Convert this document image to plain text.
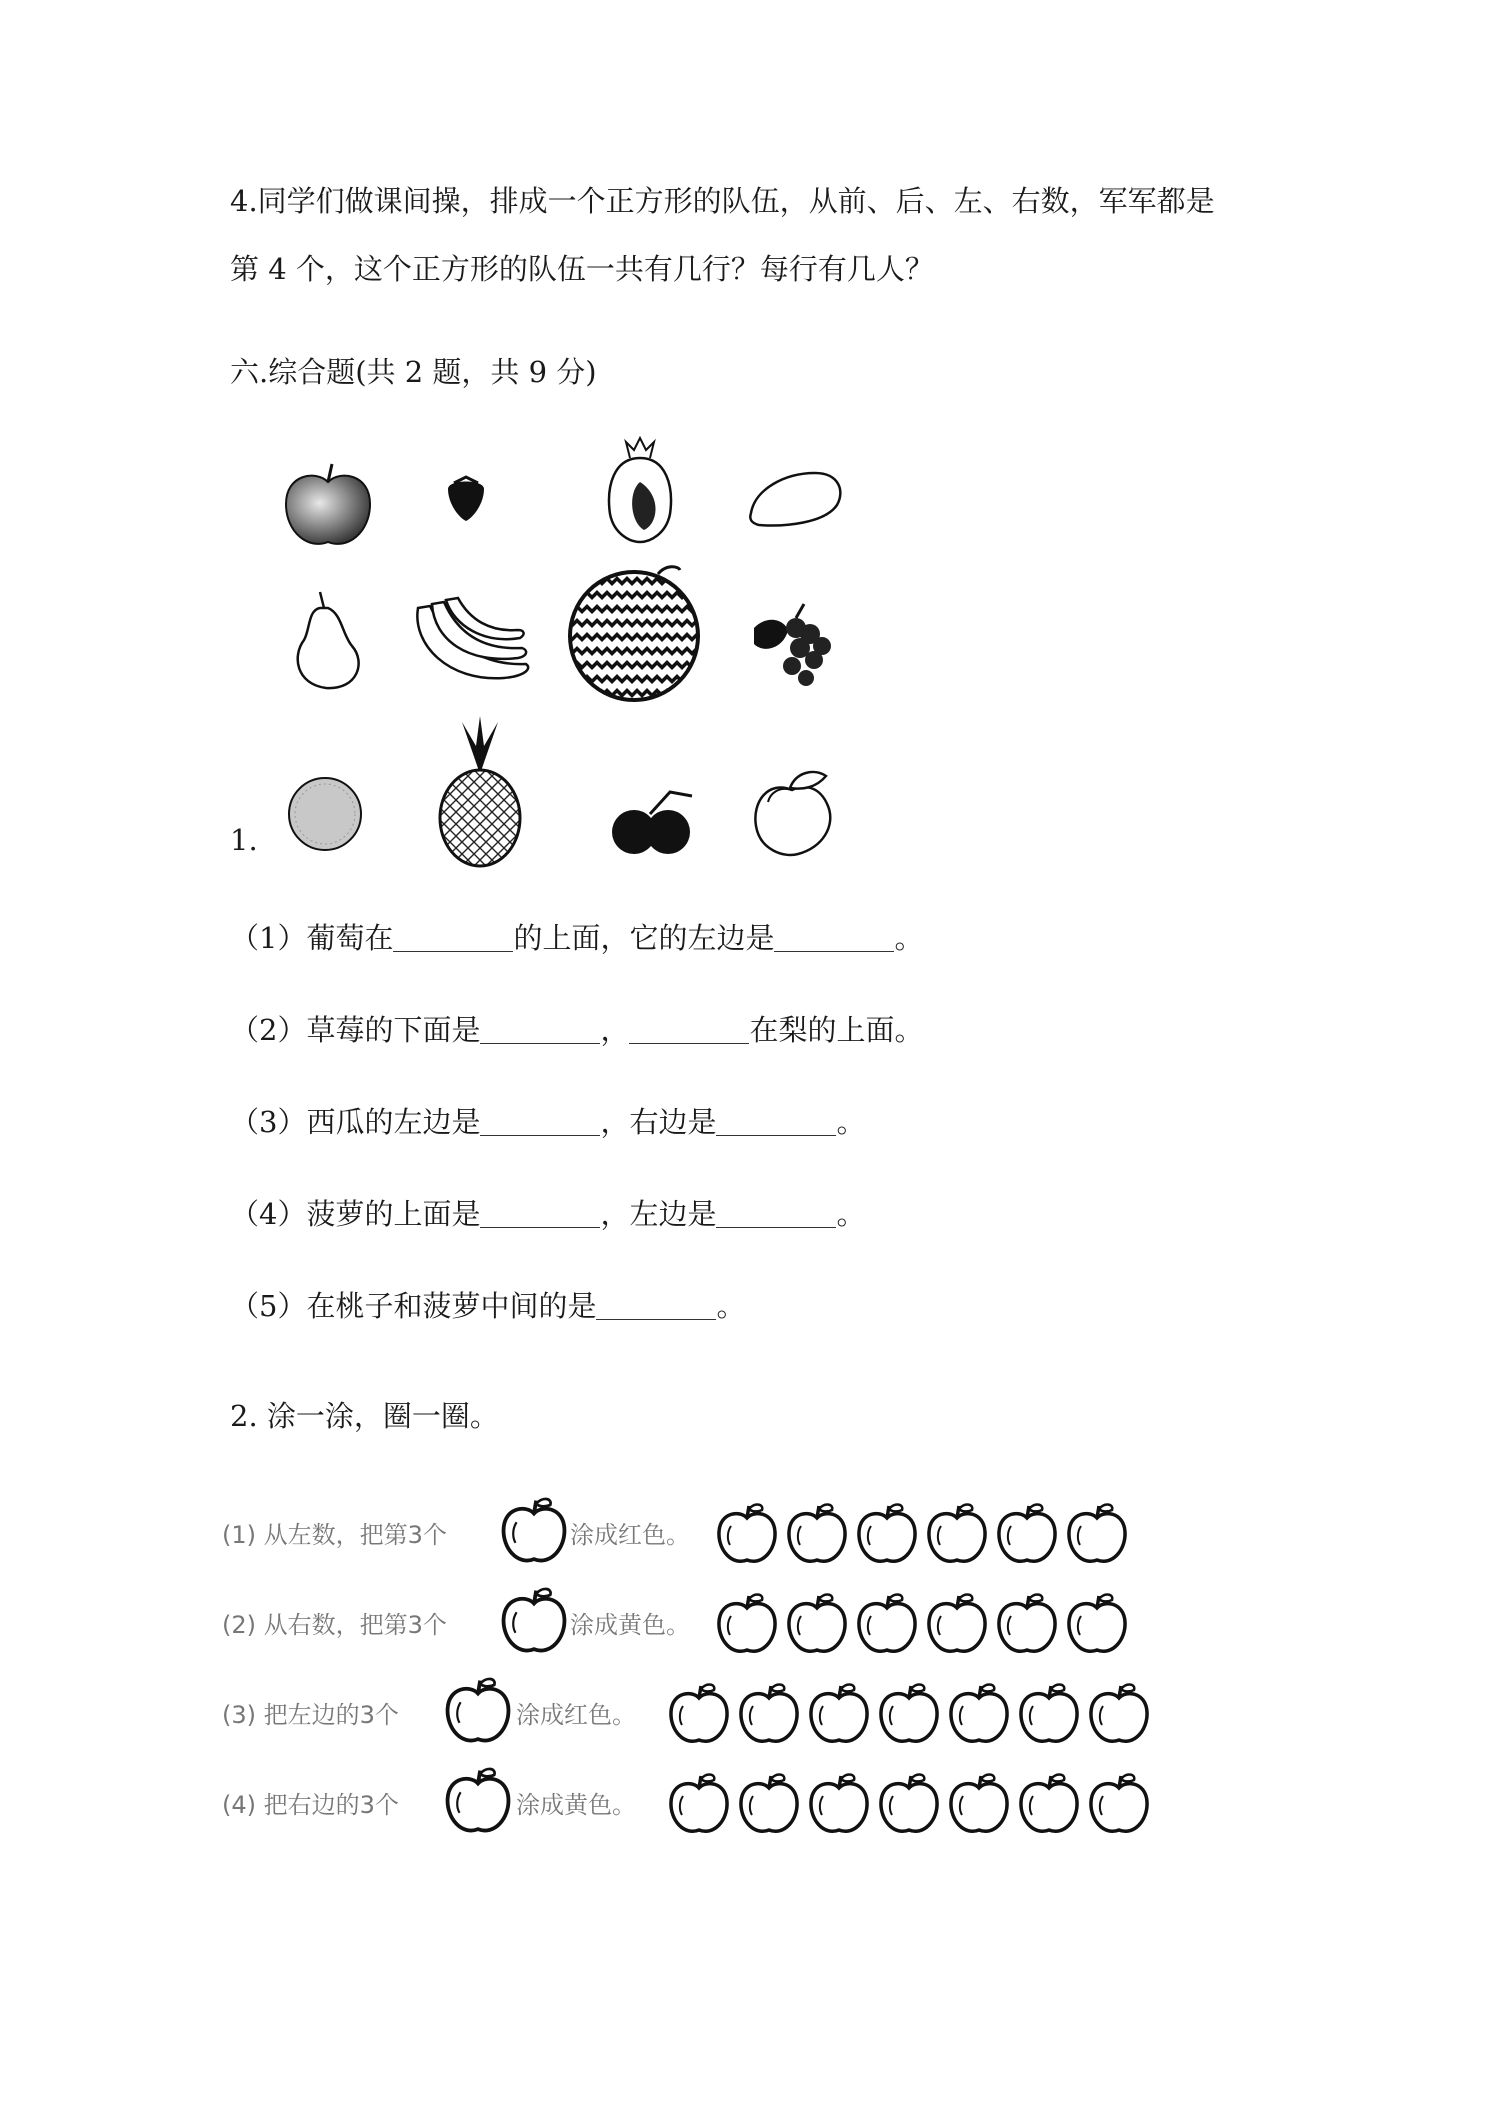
4.同学们做课间操，排成一个正方形的队伍，从前、后、左、右数，军军都是

第 4 个，这个正方形的队伍一共有几行？每行有几人？

六.综合题(共 2 题，共 9 分)

1.

（1）葡萄在	的上面，它的左边是	。

（2）草莓的下面是	，	在梨的上面。

（3）西瓜的左边是	，右边是	。

（4）菠萝的上面是	，左边是	。

（5）在桃子和菠萝中间的是	。

2. 涂一涂，圈一圈。

(1) 从左数，把第3个	涂成红色。
(2) 从右数，把第3个	涂成黄色。
(3) 把左边的3个	涂成红色。
(4) 把右边的3个	涂成黄色。
